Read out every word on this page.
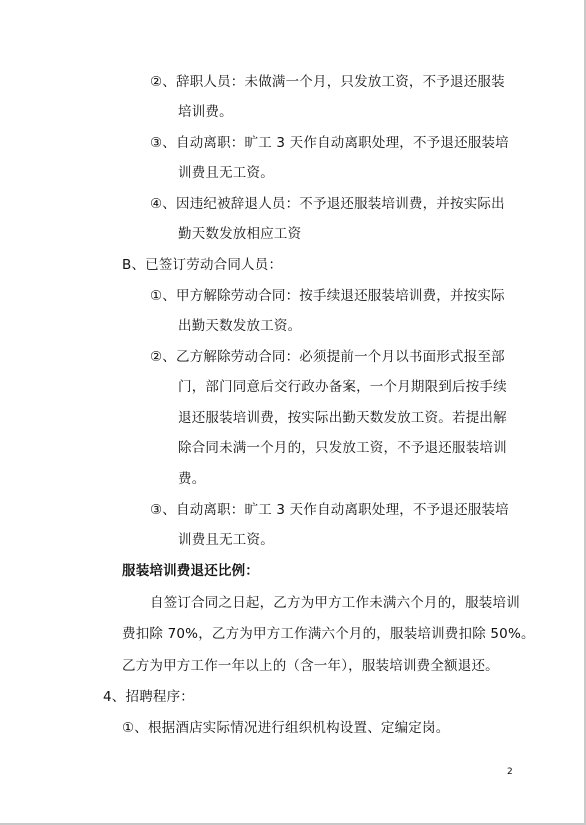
②、辞职人员：未做满一个月，只发放工资，不予退还服装
培训费。
③、自动离职：旷工 3 天作自动离职处理，不予退还服装培
训费且无工资。
④、因违纪被辞退人员：不予退还服装培训费，并按实际出
勤天数发放相应工资
B、已签订劳动合同人员：
①、甲方解除劳动合同：按手续退还服装培训费，并按实际
出勤天数发放工资。
②、乙方解除劳动合同：必须提前一个月以书面形式报至部
门，部门同意后交行政办备案，一个月期限到后按手续
退还服装培训费，按实际出勤天数发放工资。若提出解
除合同未满一个月的，只发放工资，不予退还服装培训
费。
③、自动离职：旷工 3 天作自动离职处理，不予退还服装培
训费且无工资。
服装培训费退还比例：
自签订合同之日起，乙方为甲方工作未满六个月的，服装培训
费扣除 70%，乙方为甲方工作满六个月的，服装培训费扣除 50%。
乙方为甲方工作一年以上的（含一年），服装培训费全额退还。
4、招聘程序：
①、根据酒店实际情况进行组织机构设置、定编定岗。
2
